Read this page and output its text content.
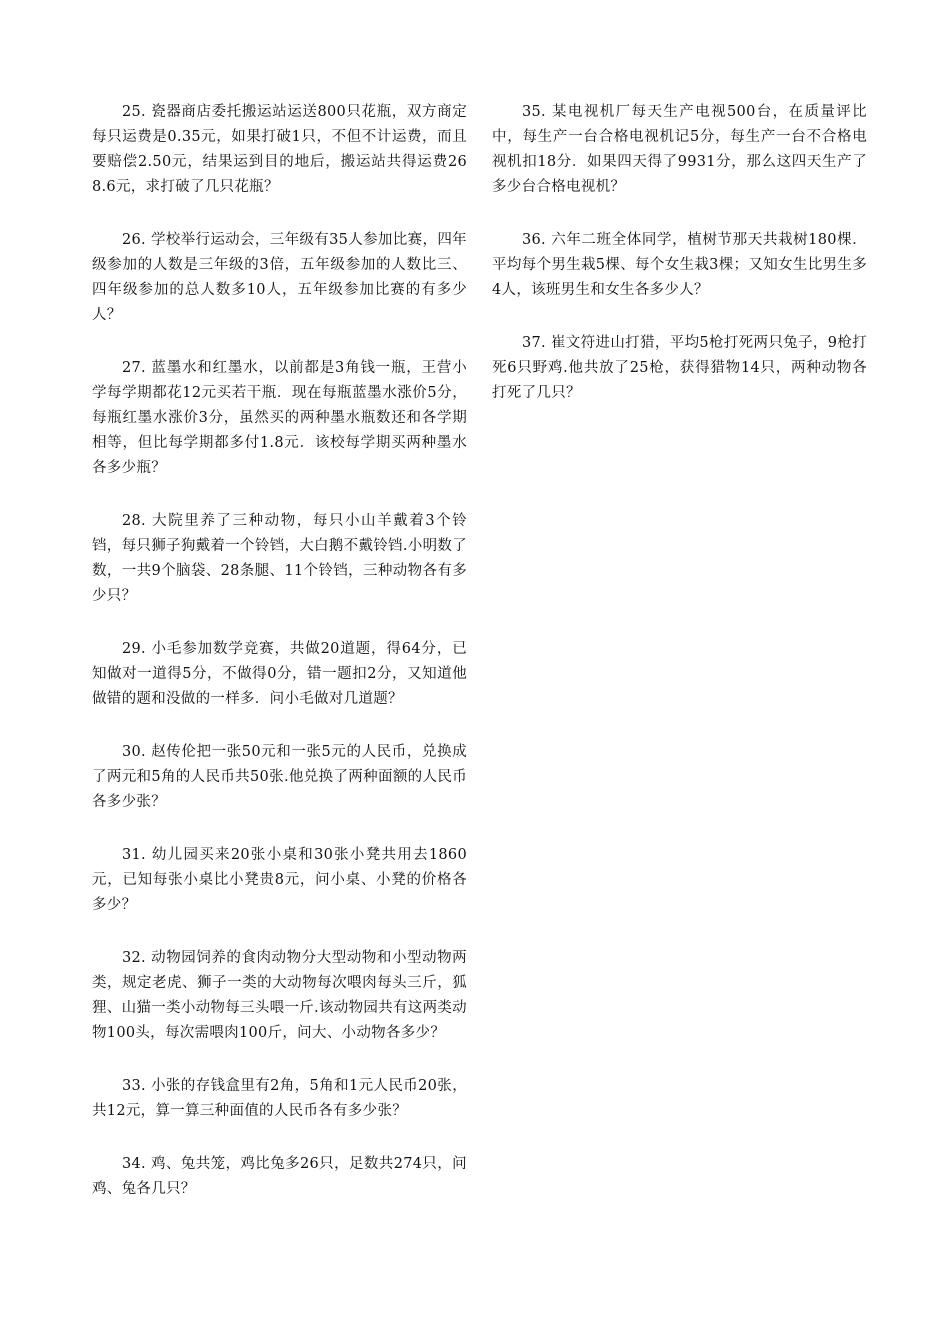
25. 瓷器商店委托搬运站运送800只花瓶，双方商定每只运费是0.35元，如果打破1只，不但不计运费，而且要赔偿2.50元，结果运到目的地后，搬运站共得运费268.6元，求打破了几只花瓶？

26. 学校举行运动会，三年级有35人参加比赛，四年级参加的人数是三年级的3倍，五年级参加的人数比三、四年级参加的总人数多10人，五年级参加比赛的有多少人？

27. 蓝墨水和红墨水，以前都是3角钱一瓶，王营小学每学期都花12元买若干瓶．现在每瓶蓝墨水涨价5分，每瓶红墨水涨价3分，虽然买的两种墨水瓶数还和各学期相等，但比每学期都多付1.8元．该校每学期买两种墨水各多少瓶？

28. 大院里养了三种动物，每只小山羊戴着3个铃铛，每只狮子狗戴着一个铃铛，大白鹅不戴铃铛.小明数了数，一共9个脑袋、28条腿、11个铃铛，三种动物各有多少只？

29. 小毛参加数学竞赛，共做20道题，得64分，已知做对一道得5分，不做得0分，错一题扣2分，又知道他做错的题和没做的一样多．问小毛做对几道题？

30. 赵传伦把一张50元和一张5元的人民币，兑换成了两元和5角的人民币共50张.他兑换了两种面额的人民币各多少张？

31. 幼儿园买来20张小桌和30张小凳共用去1860元，已知每张小桌比小凳贵8元，问小桌、小凳的价格各多少？

32. 动物园饲养的食肉动物分大型动物和小型动物两类，规定老虎、狮子一类的大动物每次喂肉每头三斤，狐狸、山猫一类小动物每三头喂一斤.该动物园共有这两类动物100头，每次需喂肉100斤，问大、小动物各多少？

33. 小张的存钱盒里有2角，5角和1元人民币20张，共12元，算一算三种面值的人民币各有多少张？

34. 鸡、兔共笼，鸡比兔多26只，足数共274只，问鸡、兔各几只？

35. 某电视机厂每天生产电视500台，在质量评比中，每生产一台合格电视机记5分，每生产一台不合格电视机扣18分．如果四天得了9931分，那么这四天生产了多少台合格电视机？

36. 六年二班全体同学，植树节那天共栽树180棵．平均每个男生栽5棵、每个女生栽3棵；又知女生比男生多4人，该班男生和女生各多少人？

37. 崔文符进山打猎，平均5枪打死两只兔子，9枪打死6只野鸡.他共放了25枪，获得猎物14只，两种动物各打死了几只？
